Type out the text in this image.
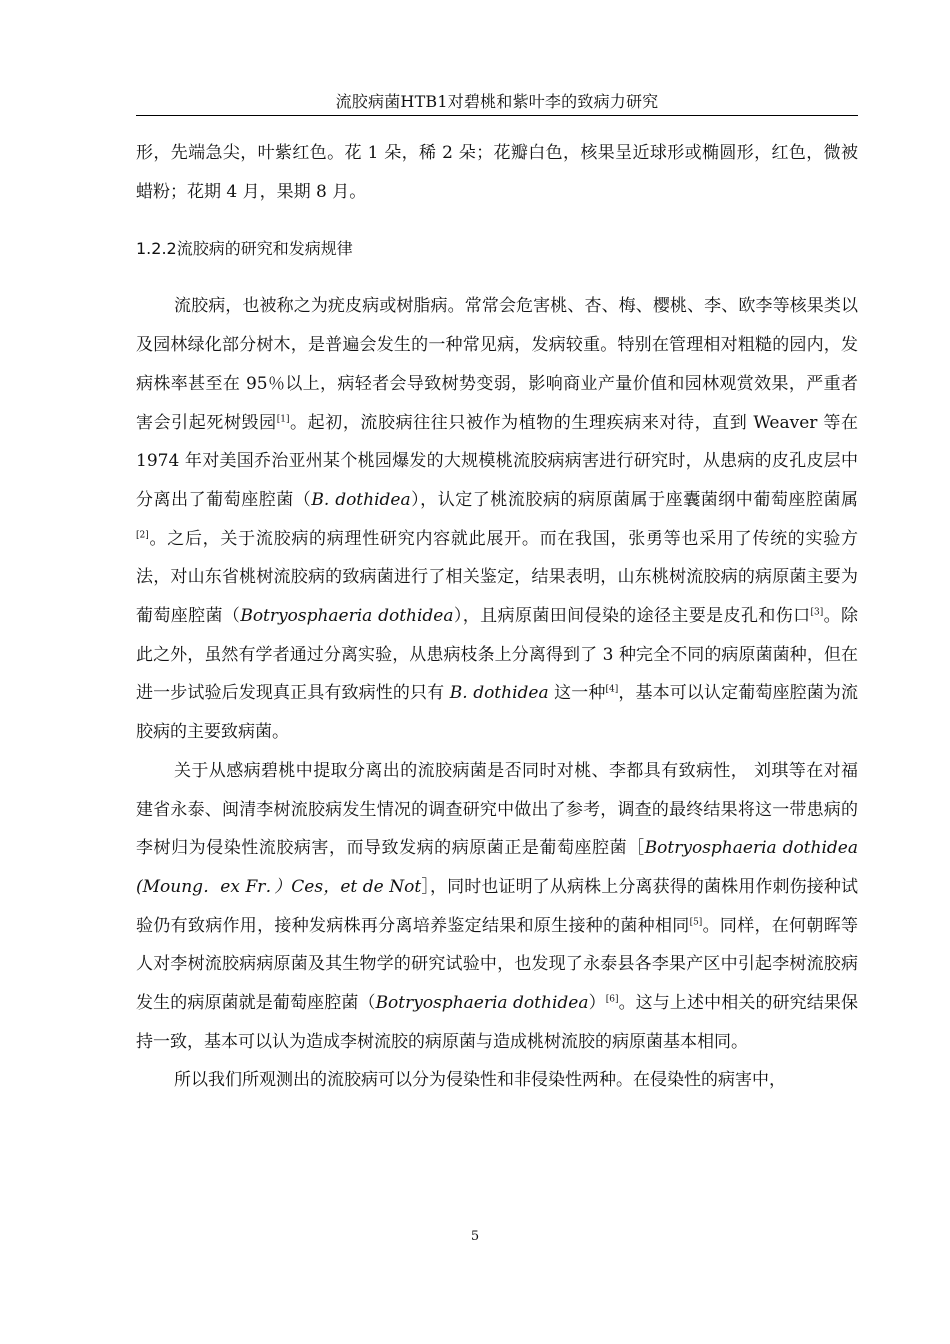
流胶病菌HTB1对碧桃和紫叶李的致病力研究

形，先端急尖，叶紫红色。花 1 朵，稀 2 朵；花瓣白色，核果呈近球形或椭圆形，红色，微被蜡粉；花期 4 月，果期 8 月。

1.2.2流胶病的研究和发病规律

流胶病，也被称之为疣皮病或树脂病。常常会危害桃、杏、梅、樱桃、李、欧李等核果类以及园林绿化部分树木，是普遍会发生的一种常见病，发病较重。特别在管理相对粗糙的园内，发病株率甚至在 95％以上，病轻者会导致树势变弱，影响商业产量价值和园林观赏效果，严重者害会引起死树毁园[1]。起初，流胶病往往只被作为植物的生理疾病来对待，直到 Weaver 等在 1974 年对美国乔治亚州某个桃园爆发的大规模桃流胶病病害进行研究时，从患病的皮孔皮层中分离出了葡萄座腔菌（B. dothidea），认定了桃流胶病的病原菌属于座囊菌纲中葡萄座腔菌属[2]。之后，关于流胶病的病理性研究内容就此展开。而在我国，张勇等也采用了传统的实验方法，对山东省桃树流胶病的致病菌进行了相关鉴定，结果表明，山东桃树流胶病的病原菌主要为葡萄座腔菌（Botryosphaeria dothidea），且病原菌田间侵染的途径主要是皮孔和伤口[3]。除此之外，虽然有学者通过分离实验，从患病枝条上分离得到了 3 种完全不同的病原菌菌种，但在进一步试验后发现真正具有致病性的只有 B. dothidea 这一种[4]，基本可以认定葡萄座腔菌为流胶病的主要致病菌。

关于从感病碧桃中提取分离出的流胶病菌是否同时对桃、李都具有致病性， 刘琪等在对福建省永泰、闽清李树流胶病发生情况的调查研究中做出了参考，调查的最终结果将这一带患病的李树归为侵染性流胶病害，而导致发病的病原菌正是葡萄座腔菌［Botryosphaeria dothidea　(Moung．ex Fr．）Ces，et de Not］，同时也证明了从病株上分离获得的菌株用作刺伤接种试验仍有致病作用，接种发病株再分离培养鉴定结果和原生接种的菌种相同[5]。同样，在何朝晖等人对李树流胶病病原菌及其生物学的研究试验中，也发现了永泰县各李果产区中引起李树流胶病发生的病原菌就是葡萄座腔菌（Botryosphaeria dothidea）[6]。这与上述中相关的研究结果保持一致，基本可以认为造成李树流胶的病原菌与造成桃树流胶的病原菌基本相同。

所以我们所观测出的流胶病可以分为侵染性和非侵染性两种。在侵染性的病害中，

5
